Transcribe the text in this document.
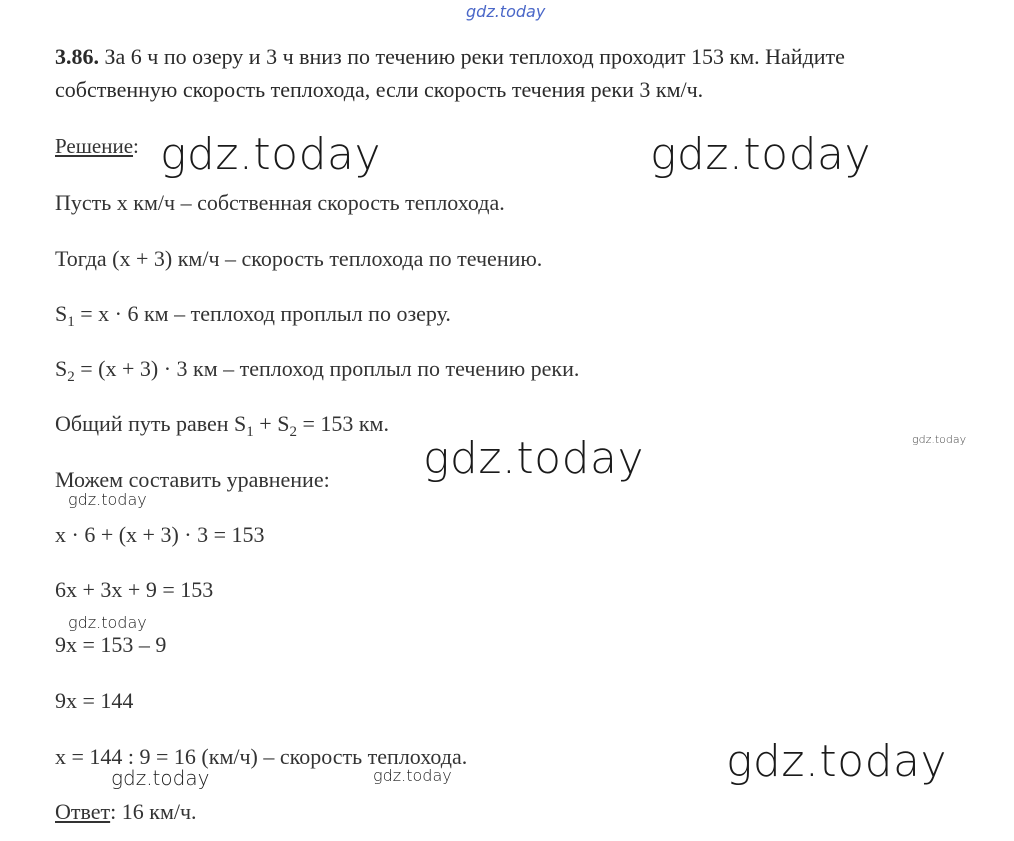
gdz.today
3.86. За 6 ч по озеру и 3 ч вниз по течению реки теплоход проходит 153 км. Найдите
собственную скорость теплохода, если скорость течения реки 3 км/ч.
Решение: gdz.today	gdz.today
Пусть x км/ч – собственная скорость теплохода.
Тогда (x + 3) км/ч – скорость теплохода по течению.
$S_1 = x \cdot 6$ км – теплоход проплыл по озеру.
$S_2 = (x + 3) \cdot 3$ км – теплоход проплыл по течению реки.
Общий путь равен $S_1 + S_2 = 153$ км.
gdz.today
gdz.today
Можем составить уравнение:
gdz.today
x · 6 + (x + 3) · 3 = 153
6x + 3x + 9 = 153
gdz.today
9x = 153 – 9
9x = 144
x = 144 : 9 = 16 (км/ч) – скорость теплохода.
gdz.today	gdz.today	gdz.today
Ответ: 16 км/ч.
